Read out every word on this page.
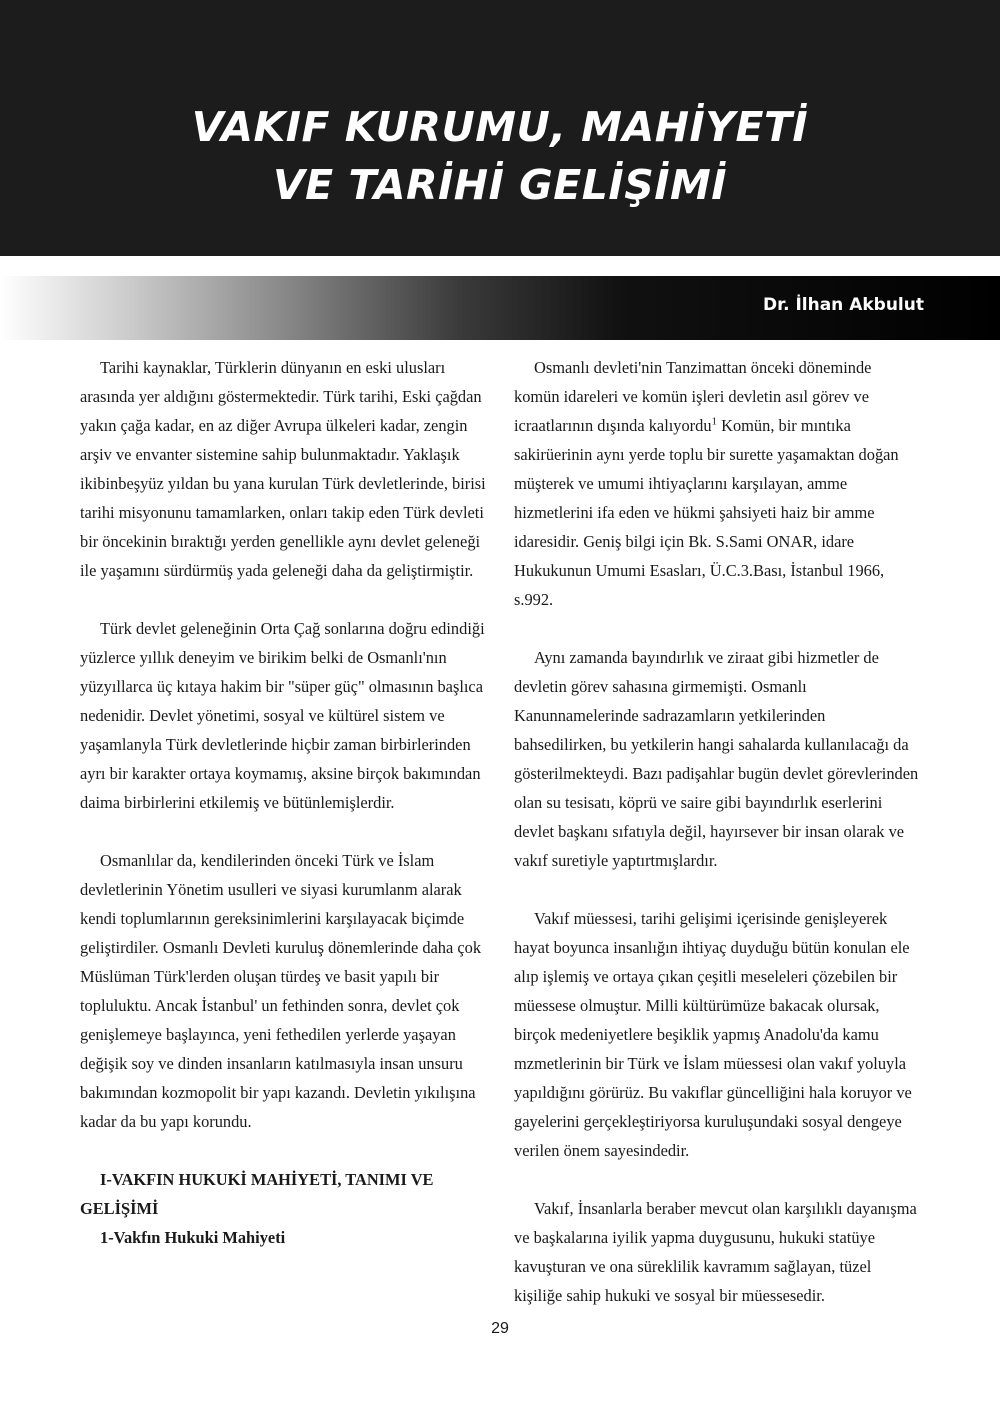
VAKIF KURUMU, MAHİYETİ
VE TARİHİ GELİŞİMİ
Dr. İlhan Akbulut

Tarihi kaynaklar, Türklerin dünyanın en eski ulusları arasında yer aldığını göstermektedir. Türk tarihi, Eski çağdan yakın çağa kadar, en az diğer Avrupa ülkeleri kadar, zengin arşiv ve envanter sistemine sahip bulunmaktadır. Yaklaşık ikibinbeşyüz yıldan bu yana kurulan Türk devletlerinde, birisi tarihi misyonunu tamamlarken, onları takip eden Türk devleti bir öncekinin bıraktığı yerden genellikle aynı devlet geleneği ile yaşamını sürdürmüş yada geleneği daha da geliştirmiştir.

Türk devlet geleneğinin Orta Çağ sonlarına doğru edindiği yüzlerce yıllık deneyim ve birikim belki de Osmanlı'nın yüzyıllarca üç kıtaya hakim bir "süper güç" olmasının başlıca nedenidir. Devlet yönetimi, sosyal ve kültürel sistem ve yaşamlanyla Türk devletlerinde hiçbir zaman birbirlerinden ayrı bir karakter ortaya koymamış, aksine birçok bakımından daima birbirlerini etkilemiş ve bütünlemişlerdir.

Osmanlılar da, kendilerinden önceki Türk ve İslam devletlerinin Yönetim usulleri ve siyasi kurumlanm alarak kendi toplumlarının gereksinimlerini karşılayacak biçimde geliştirdiler. Osmanlı Devleti kuruluş dönemlerinde daha çok Müslüman Türk'lerden oluşan türdeş ve basit yapılı bir topluluktu. Ancak İstanbul' un fethinden sonra, devlet çok genişlemeye başlayınca, yeni fethedilen yerlerde yaşayan değişik soy ve dinden insanların katılmasıyla insan unsuru bakımından kozmopolit bir yapı kazandı. Devletin yıkılışına kadar da bu yapı korundu.

I-VAKFIN HUKUKİ MAHİYETİ, TANIMI VE GELİŞİMİ

1-Vakfın Hukuki Mahiyeti

Osmanlı devleti'nin Tanzimattan önceki döneminde komün idareleri ve komün işleri devletin asıl görev ve icraatlarının dışında kalıyordu$^1$ Komün, bir mıntıka sakirüerinin aynı yerde toplu bir surette yaşamaktan doğan müşterek ve umumi ihtiyaçlarını karşılayan, amme hizmetlerini ifa eden ve hükmi şahsiyeti haiz bir amme idaresidir. Geniş bilgi için Bk. S.Sami ONAR, idare Hukukunun Umumi Esasları, Ü.C.3.Bası, İstanbul 1966, s.992.

Aynı zamanda bayındırlık ve ziraat gibi hizmetler de devletin görev sahasına girmemişti. Osmanlı Kanunnamelerinde sadrazamların yetkilerinden bahsedilirken, bu yetkilerin hangi sahalarda kullanılacağı da gösterilmekteydi. Bazı padişahlar bugün devlet görevlerinden olan su tesisatı, köprü ve saire gibi bayındırlık eserlerini devlet başkanı sıfatıyla değil, hayırsever bir insan olarak ve vakıf suretiyle yaptırtmışlardır.

Vakıf müessesi, tarihi gelişimi içerisinde genişleyerek hayat boyunca insanlığın ihtiyaç duyduğu bütün konulan ele alıp işlemiş ve ortaya çıkan çeşitli meseleleri çözebilen bir müessese olmuştur. Milli kültürümüze bakacak olursak, birçok medeniyetlere beşiklik yapmış Anadolu'da kamu mzmetlerinin bir Türk ve İslam müessesi olan vakıf yoluyla yapıldığını görürüz. Bu vakıflar güncelliğini hala koruyor ve gayelerini gerçekleştiriyorsa kuruluşundaki sosyal dengeye verilen önem sayesindedir.

Vakıf, İnsanlarla beraber mevcut olan karşılıklı dayanışma ve başkalarına iyilik yapma duygusunu, hukuki statüye kavuşturan ve ona süreklilik kavramım sağlayan, tüzel kişiliğe sahip hukuki ve sosyal bir müessesedir.

29
